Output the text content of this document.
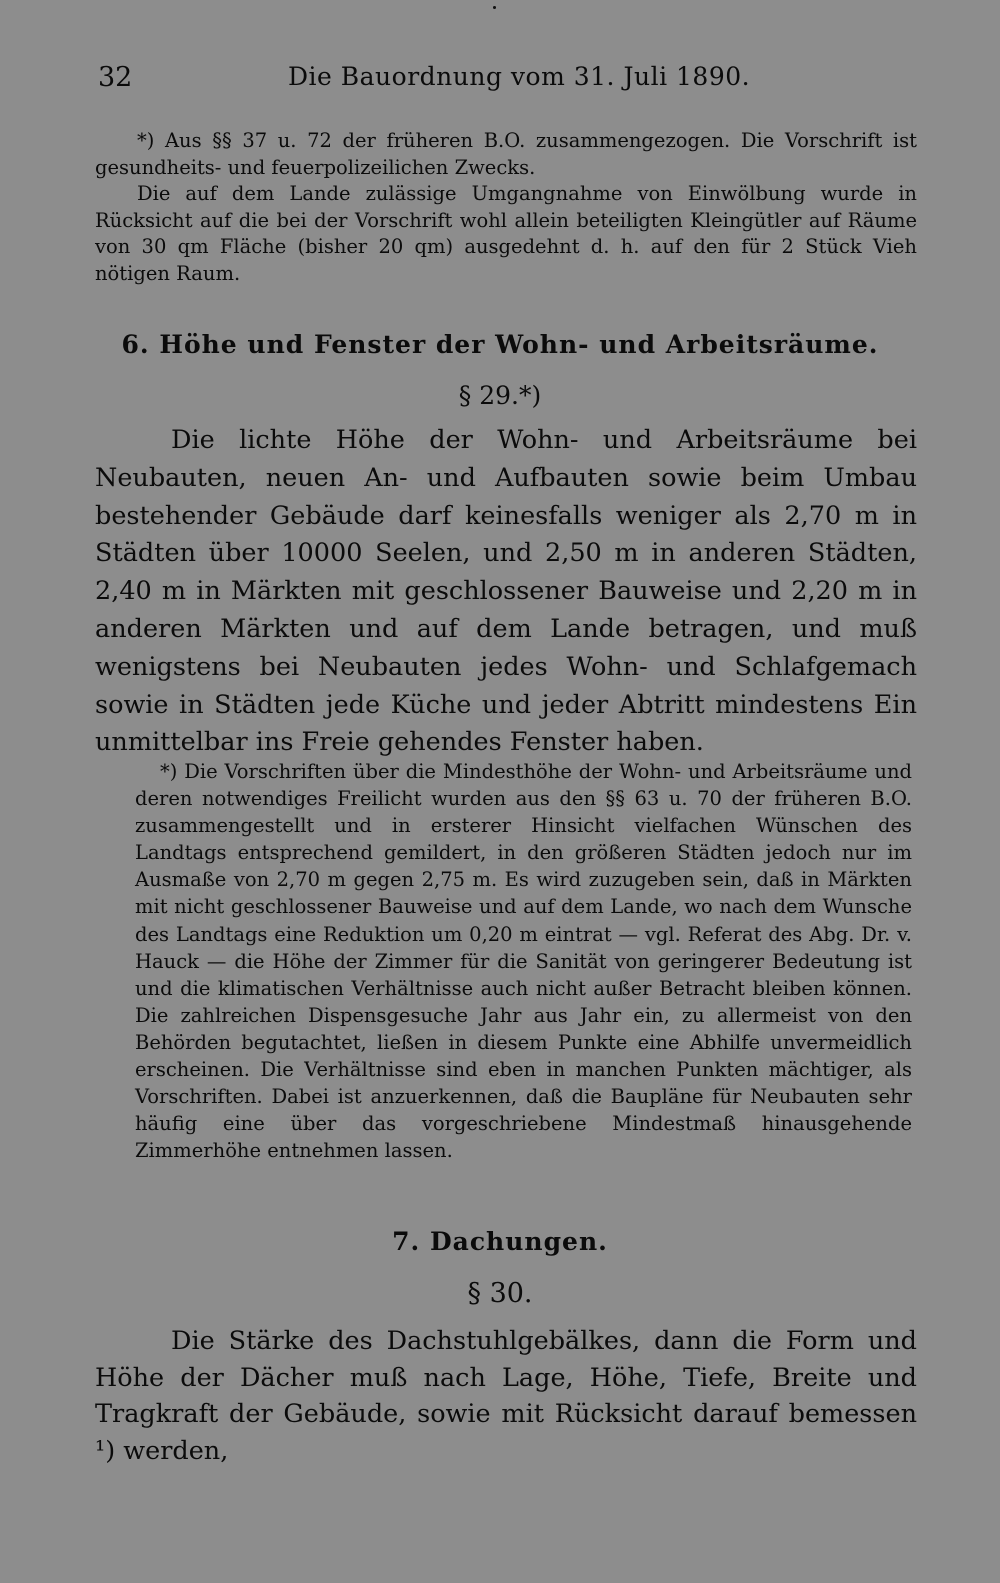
32	Die Bauordnung vom 31. Juli 1890.

*) Aus §§ 37 u. 72 der früheren B.O. zusammengezogen. Die Vorschrift ist gesundheits- und feuerpolizeilichen Zwecks.

Die auf dem Lande zulässige Umgangnahme von Einwölbung wurde in Rücksicht auf die bei der Vorschrift wohl allein beteiligten Kleingütler auf Räume von 30 qm Fläche (bisher 20 qm) ausgedehnt d. h. auf den für 2 Stück Vieh nötigen Raum.

6. Höhe und Fenster der Wohn- und Arbeitsräume.
§ 29.*)

Die lichte Höhe der Wohn- und Arbeitsräume bei Neubauten, neuen An- und Aufbauten sowie beim Umbau bestehender Gebäude darf keinesfalls weniger als 2,70 m in Städten über 10000 Seelen, und 2,50 m in anderen Städten, 2,40 m in Märkten mit geschlossener Bauweise und 2,20 m in anderen Märkten und auf dem Lande betragen, und muß wenigstens bei Neubauten jedes Wohn- und Schlafgemach sowie in Städten jede Küche und jeder Abtritt mindestens Ein unmittelbar ins Freie gehendes Fenster haben.

*) Die Vorschriften über die Mindesthöhe der Wohn- und Arbeitsräume und deren notwendiges Freilicht wurden aus den §§ 63 u. 70 der früheren B.O. zusammengestellt und in ersterer Hinsicht vielfachen Wünschen des Landtags entsprechend gemildert, in den größeren Städten jedoch nur im Ausmaße von 2,70 m gegen 2,75 m. Es wird zuzugeben sein, daß in Märkten mit nicht geschlossener Bauweise und auf dem Lande, wo nach dem Wunsche des Landtags eine Reduktion um 0,20 m eintrat — vgl. Referat des Abg. Dr. v. Hauck — die Höhe der Zimmer für die Sanität von geringerer Bedeutung ist und die klimatischen Verhältnisse auch nicht außer Betracht bleiben können. Die zahlreichen Dispensgesuche Jahr aus Jahr ein, zu allermeist von den Behörden begutachtet, ließen in diesem Punkte eine Abhilfe unvermeidlich erscheinen. Die Verhältnisse sind eben in manchen Punkten mächtiger, als Vorschriften. Dabei ist anzuerkennen, daß die Baupläne für Neubauten sehr häufig eine über das vorgeschriebene Mindestmaß hinausgehende Zimmerhöhe entnehmen lassen.

7. Dachungen.
§ 30.

Die Stärke des Dachstuhlgebälkes, dann die Form und Höhe der Dächer muß nach Lage, Höhe, Tiefe, Breite und Tragkraft der Gebäude, sowie mit Rücksicht darauf bemessen ¹) werden,
